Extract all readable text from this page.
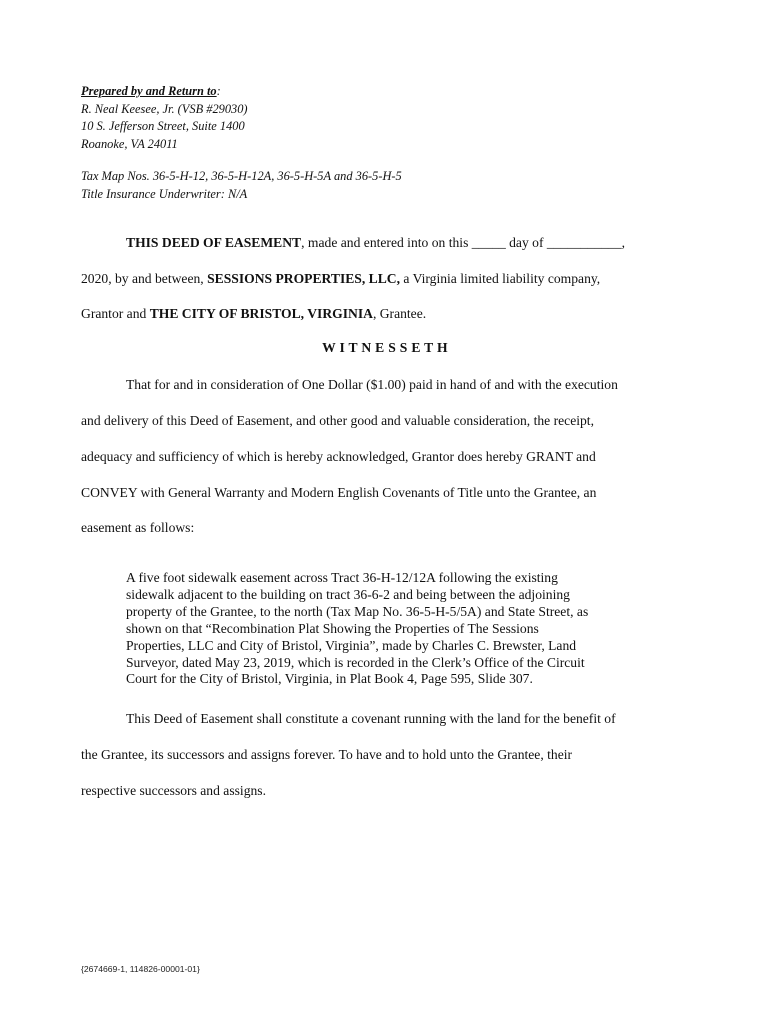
Prepared by and Return to:
R. Neal Keesee, Jr. (VSB #29030)
10 S. Jefferson Street, Suite 1400
Roanoke, VA 24011
Tax Map Nos. 36-5-H-12, 36-5-H-12A, 36-5-H-5A and 36-5-H-5
Title Insurance Underwriter: N/A
THIS DEED OF EASEMENT, made and entered into on this _____ day of ___________,
2020, by and between, SESSIONS PROPERTIES, LLC, a Virginia limited liability company,
Grantor and THE CITY OF BRISTOL, VIRGINIA, Grantee.
W I T N E S S E T H
That for and in consideration of One Dollar ($1.00) paid in hand of and with the execution
and delivery of this Deed of Easement, and other good and valuable consideration, the receipt,
adequacy and sufficiency of which is hereby acknowledged, Grantor does hereby GRANT and
CONVEY with General Warranty and Modern English Covenants of Title unto the Grantee, an
easement as follows:
A five foot sidewalk easement across Tract 36-H-12/12A following the existing
sidewalk adjacent to the building on tract 36-6-2 and being between the adjoining
property of the Grantee, to the north (Tax Map No. 36-5-H-5/5A) and State Street, as
shown on that “Recombination Plat Showing the Properties of The Sessions
Properties, LLC and City of Bristol, Virginia”, made by Charles C. Brewster, Land
Surveyor, dated May 23, 2019, which is recorded in the Clerk’s Office of the Circuit
Court for the City of Bristol, Virginia, in Plat Book 4, Page 595, Slide 307.
This Deed of Easement shall constitute a covenant running with the land for the benefit of
the Grantee, its successors and assigns forever. To have and to hold unto the Grantee, their
respective successors and assigns.
{2674669-1, 114826-00001-01}
